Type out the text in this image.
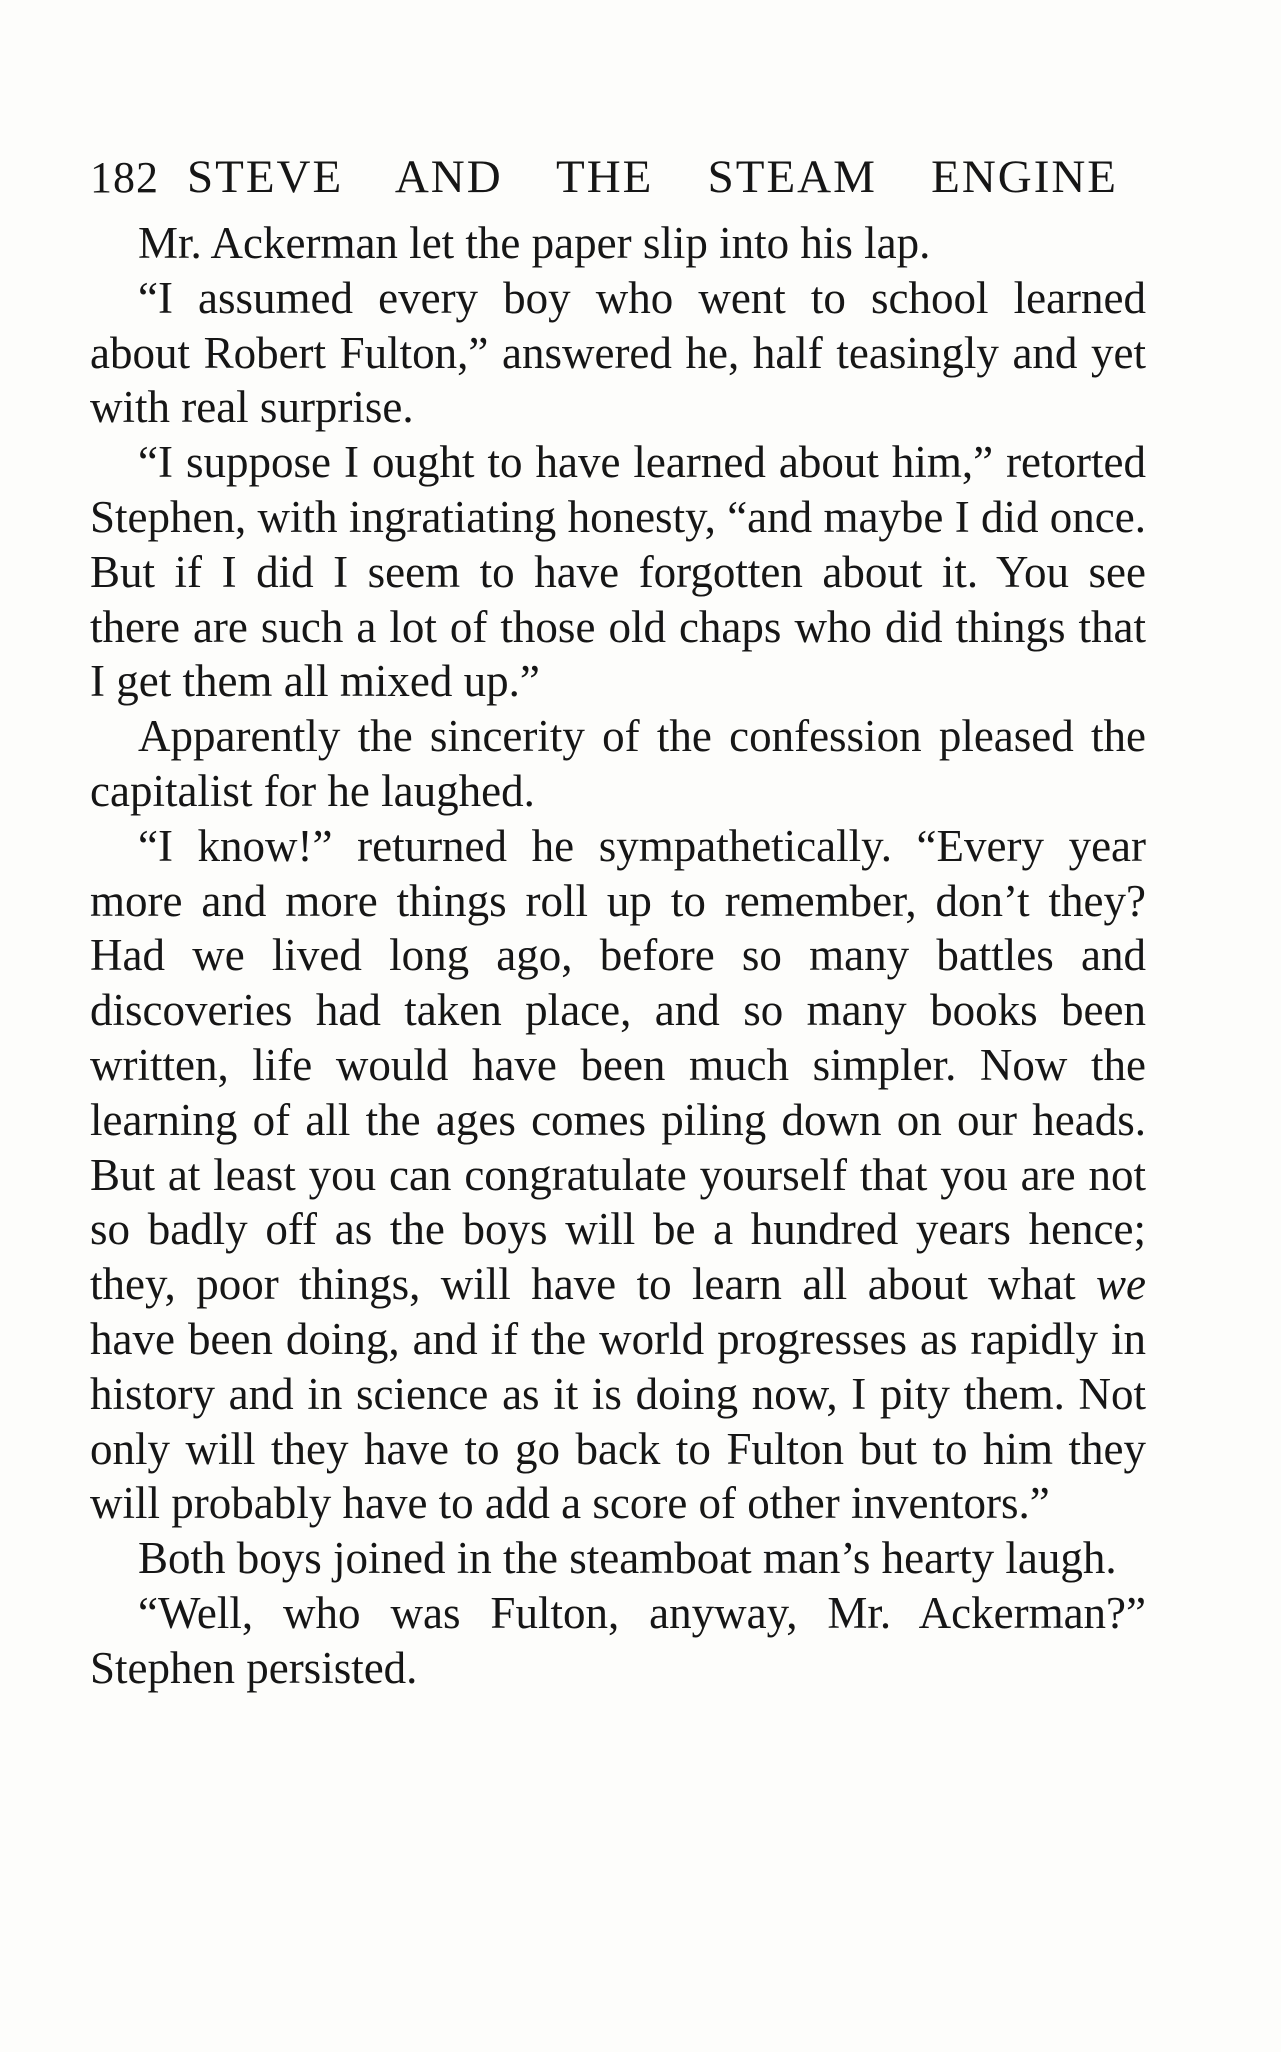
182 STEVE AND THE STEAM ENGINE

Mr. Ackerman let the paper slip into his lap.

“I assumed every boy who went to school learned about Robert Fulton,” answered he, half teasingly and yet with real surprise.

“I suppose I ought to have learned about him,” retorted Stephen, with ingratiating honesty, “and maybe I did once. But if I did I seem to have forgotten about it. You see there are such a lot of those old chaps who did things that I get them all mixed up.”

Apparently the sincerity of the confession pleased the capitalist for he laughed.

“I know!” returned he sympathetically. “Every year more and more things roll up to remember, don’t they? Had we lived long ago, before so many battles and discoveries had taken place, and so many books been written, life would have been much simpler. Now the learning of all the ages comes piling down on our heads. But at least you can congratulate yourself that you are not so badly off as the boys will be a hundred years hence; they, poor things, will have to learn all about what we have been doing, and if the world progresses as rapidly in history and in science as it is doing now, I pity them. Not only will they have to go back to Fulton but to him they will probably have to add a score of other inventors.”

Both boys joined in the steamboat man’s hearty laugh.

“Well, who was Fulton, anyway, Mr. Ackerman?” Stephen persisted.
